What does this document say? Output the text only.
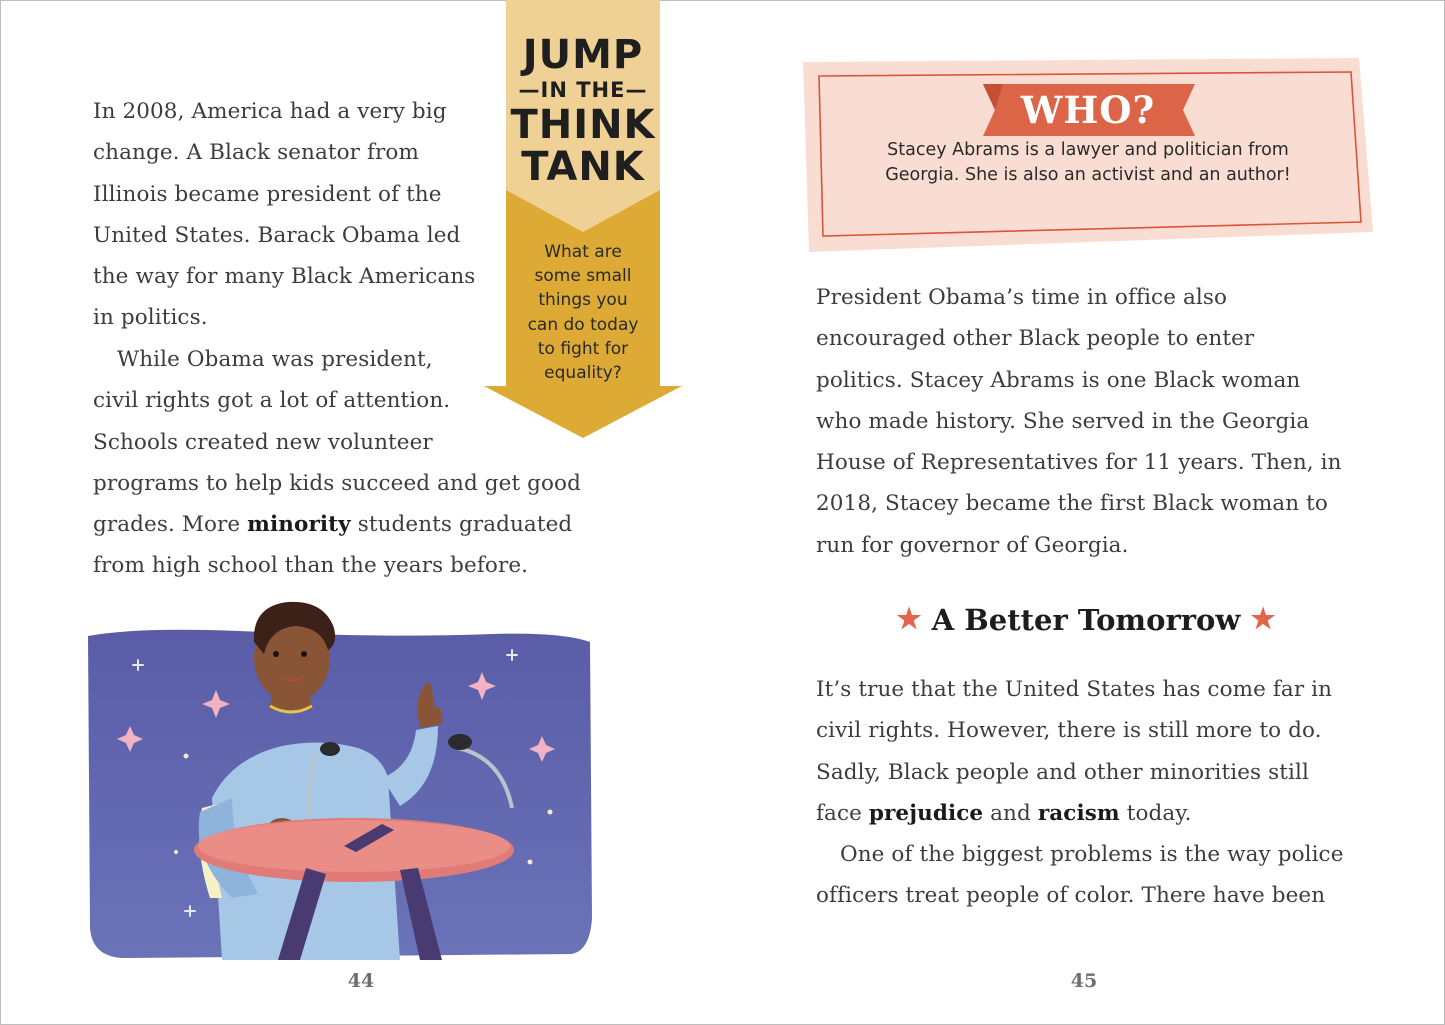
In 2008, America had a very big
change. A Black senator from
Illinois became president of the
United States. Barack Obama led
the way for many Black Americans
in politics.
While Obama was president,
civil rights got a lot of attention.
Schools created new volunteer
programs to help kids succeed and get good
grades. More minority students graduated
from high school than the years before.
JUMP
—IN THE—
THINK
TANK
What are
some small
things you
can do today
to fight for
equality?
44
WHO?
Stacey Abrams is a lawyer and politician from
Georgia. She is also an activist and an author!
President Obama’s time in office also
encouraged other Black people to enter
politics. Stacey Abrams is one Black woman
who made history. She served in the Georgia
House of Representatives for 11 years. Then, in
2018, Stacey became the first Black woman to
run for governor of Georgia.
★ A Better Tomorrow ★
It’s true that the United States has come far in
civil rights. However, there is still more to do.
Sadly, Black people and other minorities still
face prejudice and racism today.
One of the biggest problems is the way police
officers treat people of color. There have been
45
